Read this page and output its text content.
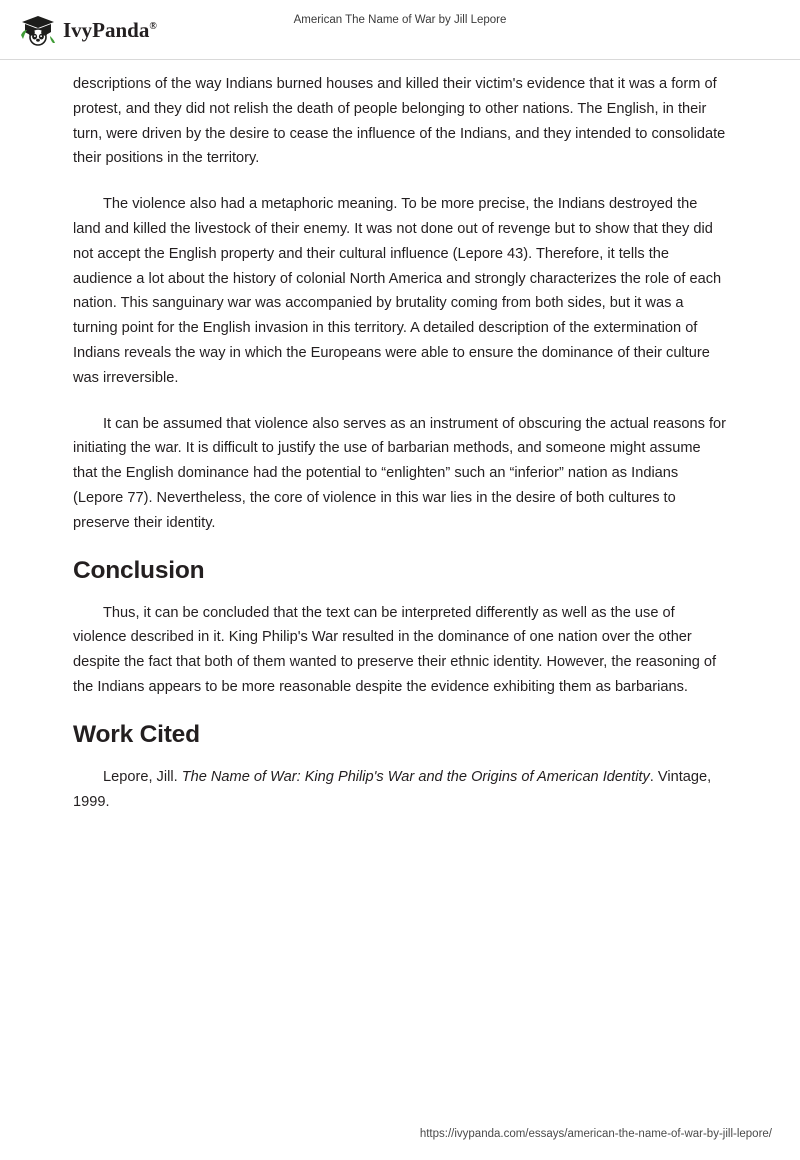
IvyPanda®	American The Name of War by Jill Lepore

descriptions of the way Indians burned houses and killed their victim's evidence that it was a form of protest, and they did not relish the death of people belonging to other nations. The English, in their turn, were driven by the desire to cease the influence of the Indians, and they intended to consolidate their positions in the territory.

The violence also had a metaphoric meaning. To be more precise, the Indians destroyed the land and killed the livestock of their enemy. It was not done out of revenge but to show that they did not accept the English property and their cultural influence (Lepore 43). Therefore, it tells the audience a lot about the history of colonial North America and strongly characterizes the role of each nation. This sanguinary war was accompanied by brutality coming from both sides, but it was a turning point for the English invasion in this territory. A detailed description of the extermination of Indians reveals the way in which the Europeans were able to ensure the dominance of their culture was irreversible.

It can be assumed that violence also serves as an instrument of obscuring the actual reasons for initiating the war. It is difficult to justify the use of barbarian methods, and someone might assume that the English dominance had the potential to “enlighten” such an “inferior” nation as Indians (Lepore 77). Nevertheless, the core of violence in this war lies in the desire of both cultures to preserve their identity.

Conclusion

Thus, it can be concluded that the text can be interpreted differently as well as the use of violence described in it. King Philip's War resulted in the dominance of one nation over the other despite the fact that both of them wanted to preserve their ethnic identity. However, the reasoning of the Indians appears to be more reasonable despite the evidence exhibiting them as barbarians.

Work Cited

Lepore, Jill. The Name of War: King Philip's War and the Origins of American Identity. Vintage, 1999.

https://ivypanda.com/essays/american-the-name-of-war-by-jill-lepore/
